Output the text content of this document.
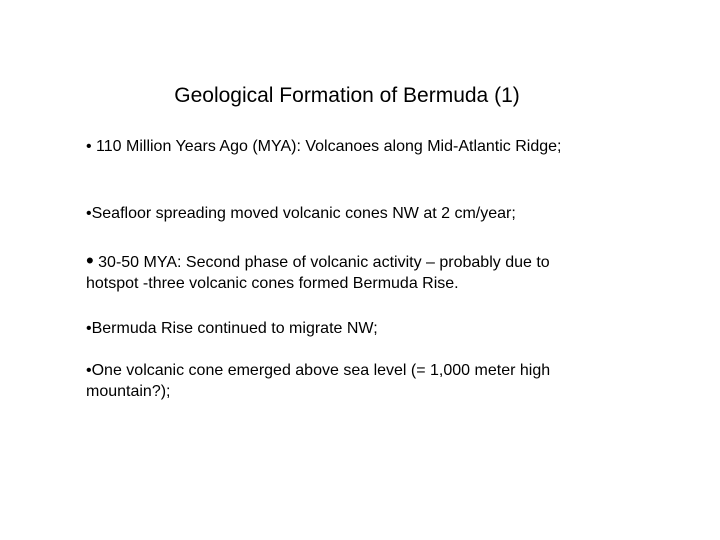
Geological Formation of Bermuda (1)
• 110 Million Years Ago (MYA): Volcanoes along Mid-Atlantic Ridge;
•Seafloor spreading moved volcanic cones NW at 2 cm/year;
• 30-50 MYA: Second phase of volcanic activity – probably due to hotspot -three volcanic cones formed Bermuda Rise.
•Bermuda Rise continued to migrate NW;
•One volcanic cone emerged above sea level (= 1,000 meter high mountain?);
